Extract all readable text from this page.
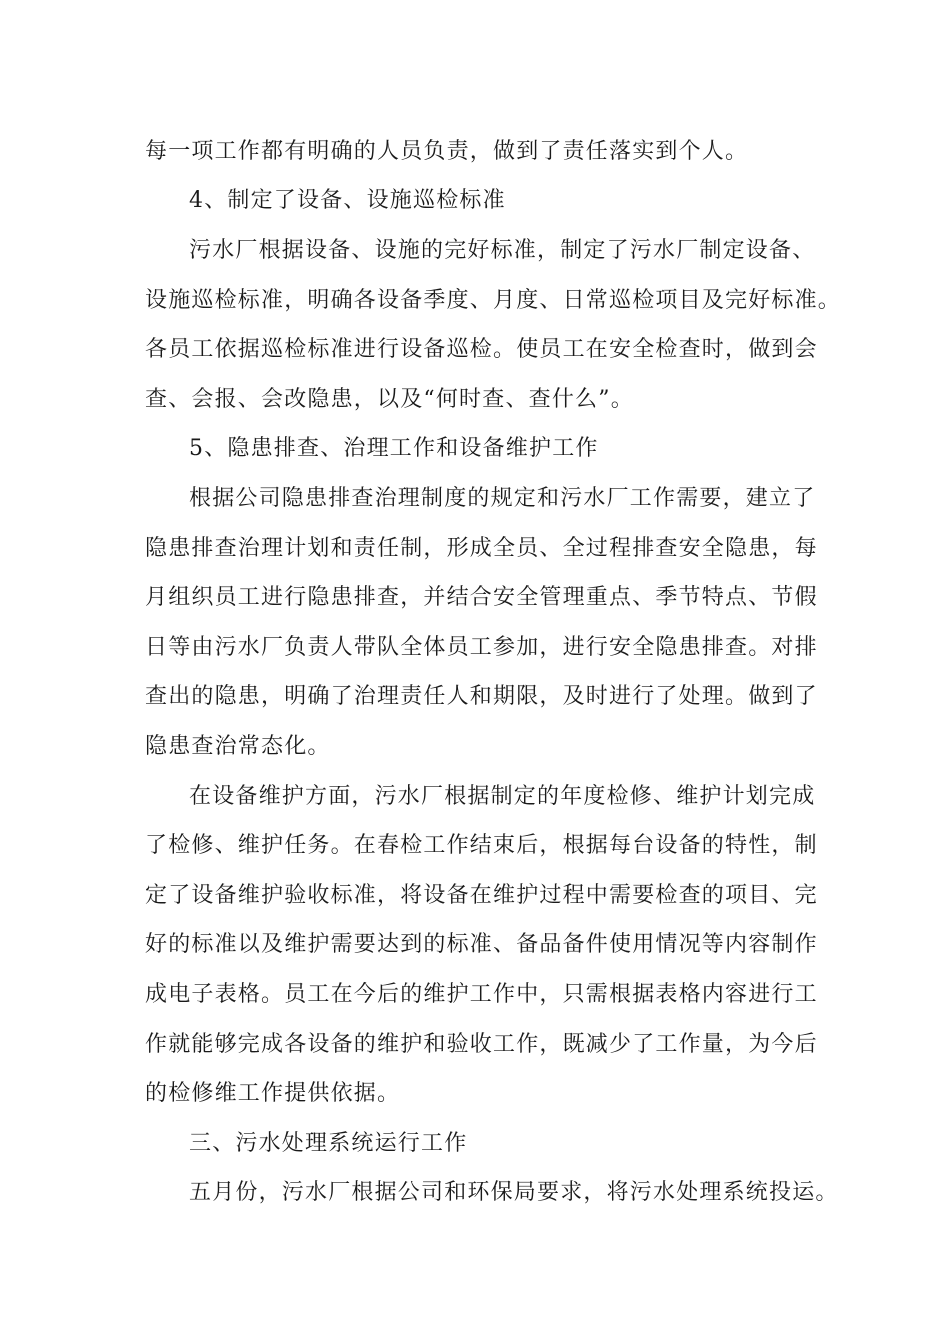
每一项工作都有明确的人员负责，做到了责任落实到个人。
4、制定了设备、设施巡检标准
污水厂根据设备、设施的完好标准，制定了污水厂制定设备、
设施巡检标准，明确各设备季度、月度、日常巡检项目及完好标准。
各员工依据巡检标准进行设备巡检。使员工在安全检查时，做到会
查、会报、会改隐患，以及“何时查、查什么”。
5、隐患排查、治理工作和设备维护工作
根据公司隐患排查治理制度的规定和污水厂工作需要，建立了
隐患排查治理计划和责任制，形成全员、全过程排查安全隐患，每
月组织员工进行隐患排查，并结合安全管理重点、季节特点、节假
日等由污水厂负责人带队全体员工参加，进行安全隐患排查。对排
查出的隐患，明确了治理责任人和期限，及时进行了处理。做到了
隐患查治常态化。
在设备维护方面，污水厂根据制定的年度检修、维护计划完成
了检修、维护任务。在春检工作结束后，根据每台设备的特性，制
定了设备维护验收标准，将设备在维护过程中需要检查的项目、完
好的标准以及维护需要达到的标准、备品备件使用情况等内容制作
成电子表格。员工在今后的维护工作中，只需根据表格内容进行工
作就能够完成各设备的维护和验收工作，既减少了工作量，为今后
的检修维工作提供依据。
三、污水处理系统运行工作
五月份，污水厂根据公司和环保局要求，将污水处理系统投运。
